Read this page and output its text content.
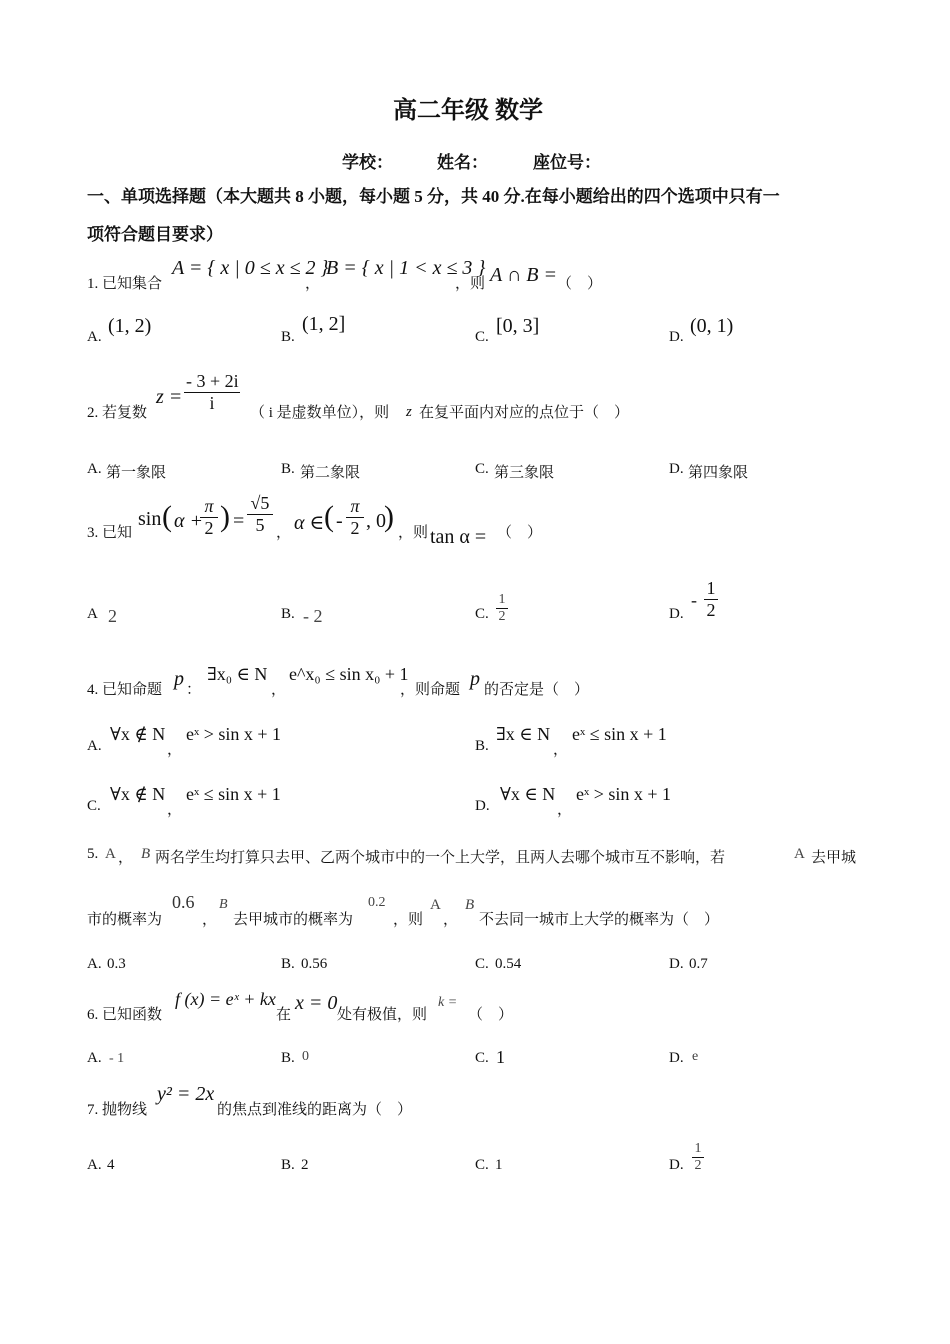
高二年级 数学
学校：	姓名：	座位号：
一、单项选择题（本大题共 8 小题，每小题 5 分，共 40 分.在每小题给出的四个选项中只有一
项符合题目要求）
1. 已知集合
A = { x | 0 ≤ x ≤ 2 }
，
B = { x | 1 < x ≤ 3 }
，则 A ∩ B = （　）
A. (1, 2)	B.
(1, 2]
C. [0, 3]	D. (0, 1)
2. 若复数
$z = \frac{- 3 + 2i}{i}$ （ i 是虚数单位），则 z 在复平面内对应的点位于（　）
A. 第一象限	B. 第二象限	C. 第三象限	D. 第四象限
3. 已知
sin ( α +
$\frac{\pi}{2}$ ) = $\frac{√5}{5}$ ， α ∈ ( - $\frac{\pi}{2}$ , 0
) ，则 tan α = （　）
A 2	B. - 2	C. $\frac{1}{2}$	D.
- $\frac{1}{2}$
4. 已知命题 p ：
∃x₀ ∈ N
，
e^x₀ ≤ sin x₀ + 1
，则命题 p 的否定是（　）
A.
∀x ∉ N
，
eˣ > sin x + 1
B.
∃x ∈ N
，
eˣ ≤ sin x + 1
C.
∀x ∉ N
，
eˣ ≤ sin x + 1
D.
∀x ∈ N
，
eˣ > sin x + 1
5. A ， B 两名学生均打算只去甲、乙两个城市中的一个上大学，且两人去哪个城市互不影响，若	A 去甲城
市的概率为
0.6
，
B
去甲城市的概率为
0.2
，则
A
，
B
不去同一城市上大学的概率为（　）
A. 0.3	B. 0.56	C. 0.54	D. 0.7
6. 已知函数
f (x) = eˣ + kx
在
x = 0
处有极值，则
k =
（　）
A. - 1	B. 0	C. 1	D. e
7. 抛物线
y² = 2x
的焦点到准线的距离为（　）
A. 4	B. 2	C. 1	D. $\frac{1}{2}$
